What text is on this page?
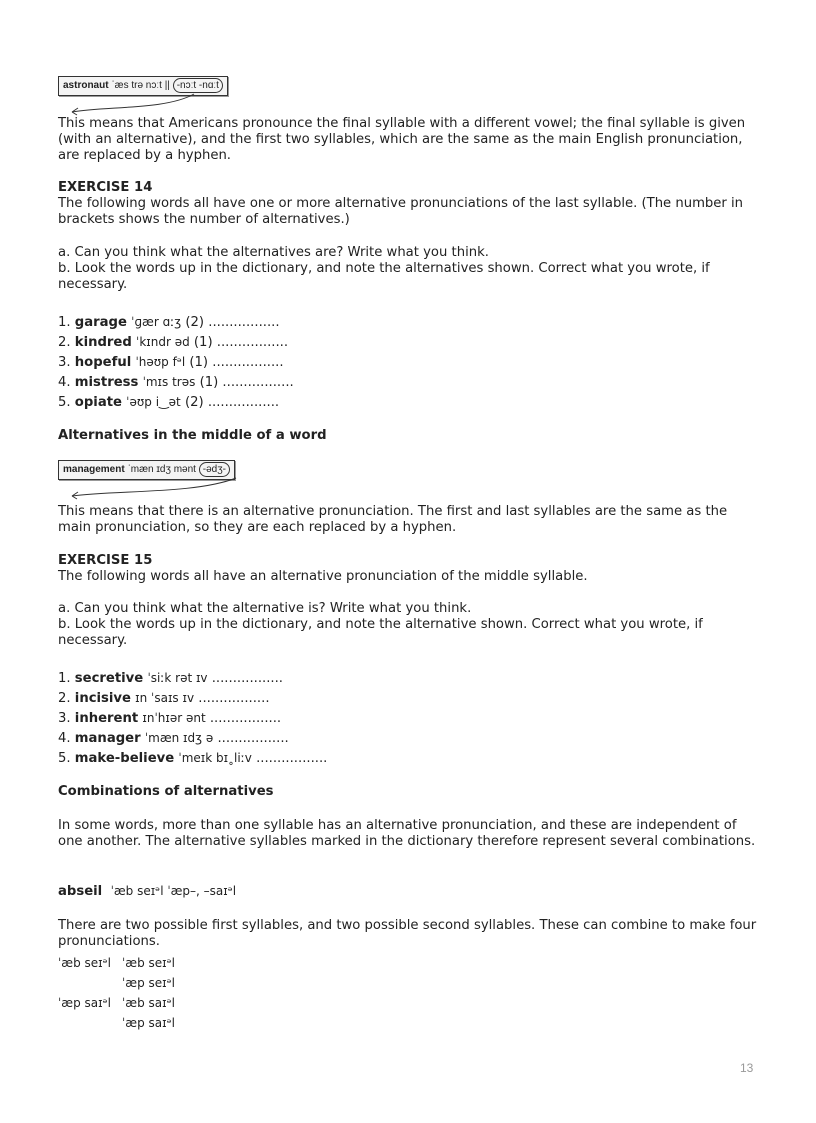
astronaut ˈæs trə nɔːt || -nɔːt -nɑːt

This means that Americans pronounce the final syllable with a different vowel; the final syllable is given (with an alternative), and the first two syllables, which are the same as the main English pronunciation, are replaced by a hyphen.

EXERCISE 14

The following words all have one or more alternative pronunciations of the last syllable. (The number in brackets shows the number of alternatives.)

a. Can you think what the alternatives are? Write what you think.

b. Look the words up in the dictionary, and note the alternatives shown. Correct what you wrote, if necessary.

1. garage ˈɡær ɑːʒ (2) .................
2. kindred ˈkɪndr əd (1) .................
3. hopeful ˈhəʊp fᵊl (1) .................
4. mistress ˈmɪs trəs (1) .................
5. opiate ˈəʊp i‿ət (2) .................
Alternatives in the middle of a word
management ˈmæn ɪdʒ mənt -ədʒ-

This means that there is an alternative pronunciation. The first and last syllables are the same as the main pronunciation, so they are each replaced by a hyphen.

EXERCISE 15

The following words all have an alternative pronunciation of the middle syllable.

a. Can you think what the alternative is? Write what you think.

b. Look the words up in the dictionary, and note the alternative shown. Correct what you wrote, if necessary.

1. secretive ˈsiːk rət ɪv .................
2. incisive ɪn ˈsaɪs ɪv .................
3. inherent ɪnˈhɪər ənt .................
4. manager ˈmæn ɪdʒ ə .................
5. make-believe ˈmeɪk bɪ˳liːv .................
Combinations of alternatives

In some words, more than one syllable has an alternative pronunciation, and these are independent of one another. The alternative syllables marked in the dictionary therefore represent several combinations.

abseil ˈæb seɪᵊl ˈæp–, –saɪᵊl

There are two possible first syllables, and two possible second syllables. These can combine to make four pronunciations.

ˈæb seɪᵊl ˈæb seɪᵊl
ˈæp seɪᵊl
ˈæp saɪᵊl ˈæb saɪᵊl
ˈæp saɪᵊl
13
